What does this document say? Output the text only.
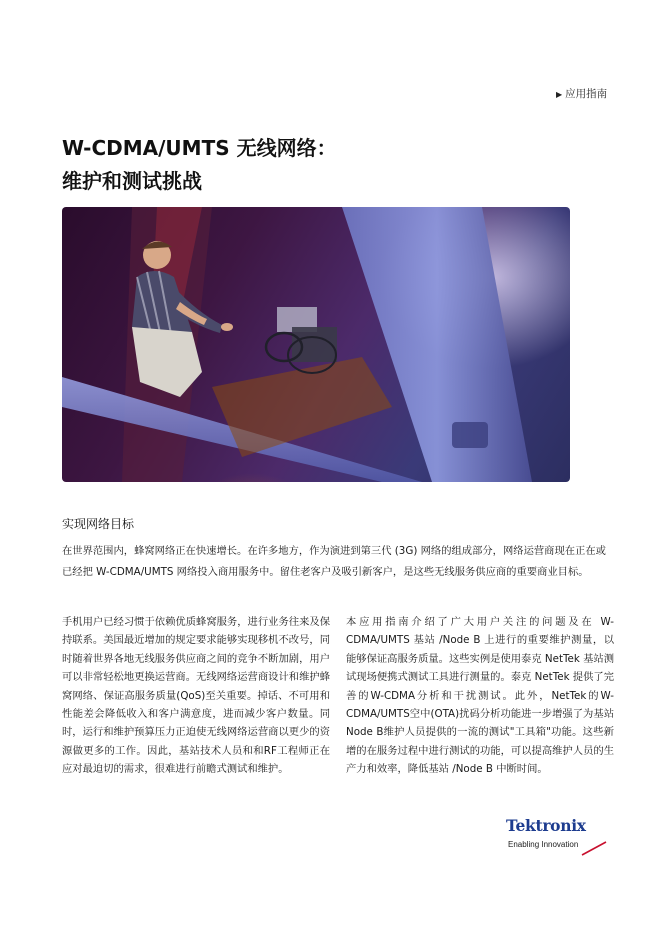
▶ 应用指南
W-CDMA/UMTS 无线网络：
维护和测试挑战
实现网络目标

在世界范围内，蜂窝网络正在快速增长。在许多地方，作为演进到第三代 (3G) 网络的组成部分，网络运营商现在正在或已经把 W-CDMA/UMTS 网络投入商用服务中。留住老客户及吸引新客户，是这些无线服务供应商的重要商业目标。

手机用户已经习惯于依赖优质蜂窝服务，进行业务往来及保持联系。美国最近增加的规定要求能够实现移机不改号，同时随着世界各地无线服务供应商之间的竞争不断加剧，用户可以非常轻松地更换运营商。无线网络运营商设计和维护蜂窝网络、保证高服务质量(QoS)至关重要。掉话、不可用和性能差会降低收入和客户满意度，进而减少客户数量。同时，运行和维护预算压力正迫使无线网络运营商以更少的资源做更多的工作。因此，基站技术人员和和RF工程师正在应对最迫切的需求，很难进行前瞻式测试和维护。

本应用指南介绍了广大用户关注的问题及在 W-CDMA/UMTS 基站 /Node B 上进行的重要维护测量，以能够保证高服务质量。这些实例是使用泰克 NetTek 基站测试现场便携式测试工具进行测量的。泰克 NetTek 提供了完善的W-CDMA分析和干扰测试。此外，NetTek的W-CDMA/UMTS空中(OTA)扰码分析功能进一步增强了为基站Node B维护人员提供的一流的测试"工具箱"功能。这些新增的在服务过程中进行测试的功能，可以提高维护人员的生产力和效率，降低基站 /Node B 中断时间。

Tektronix
Enabling Innovation
